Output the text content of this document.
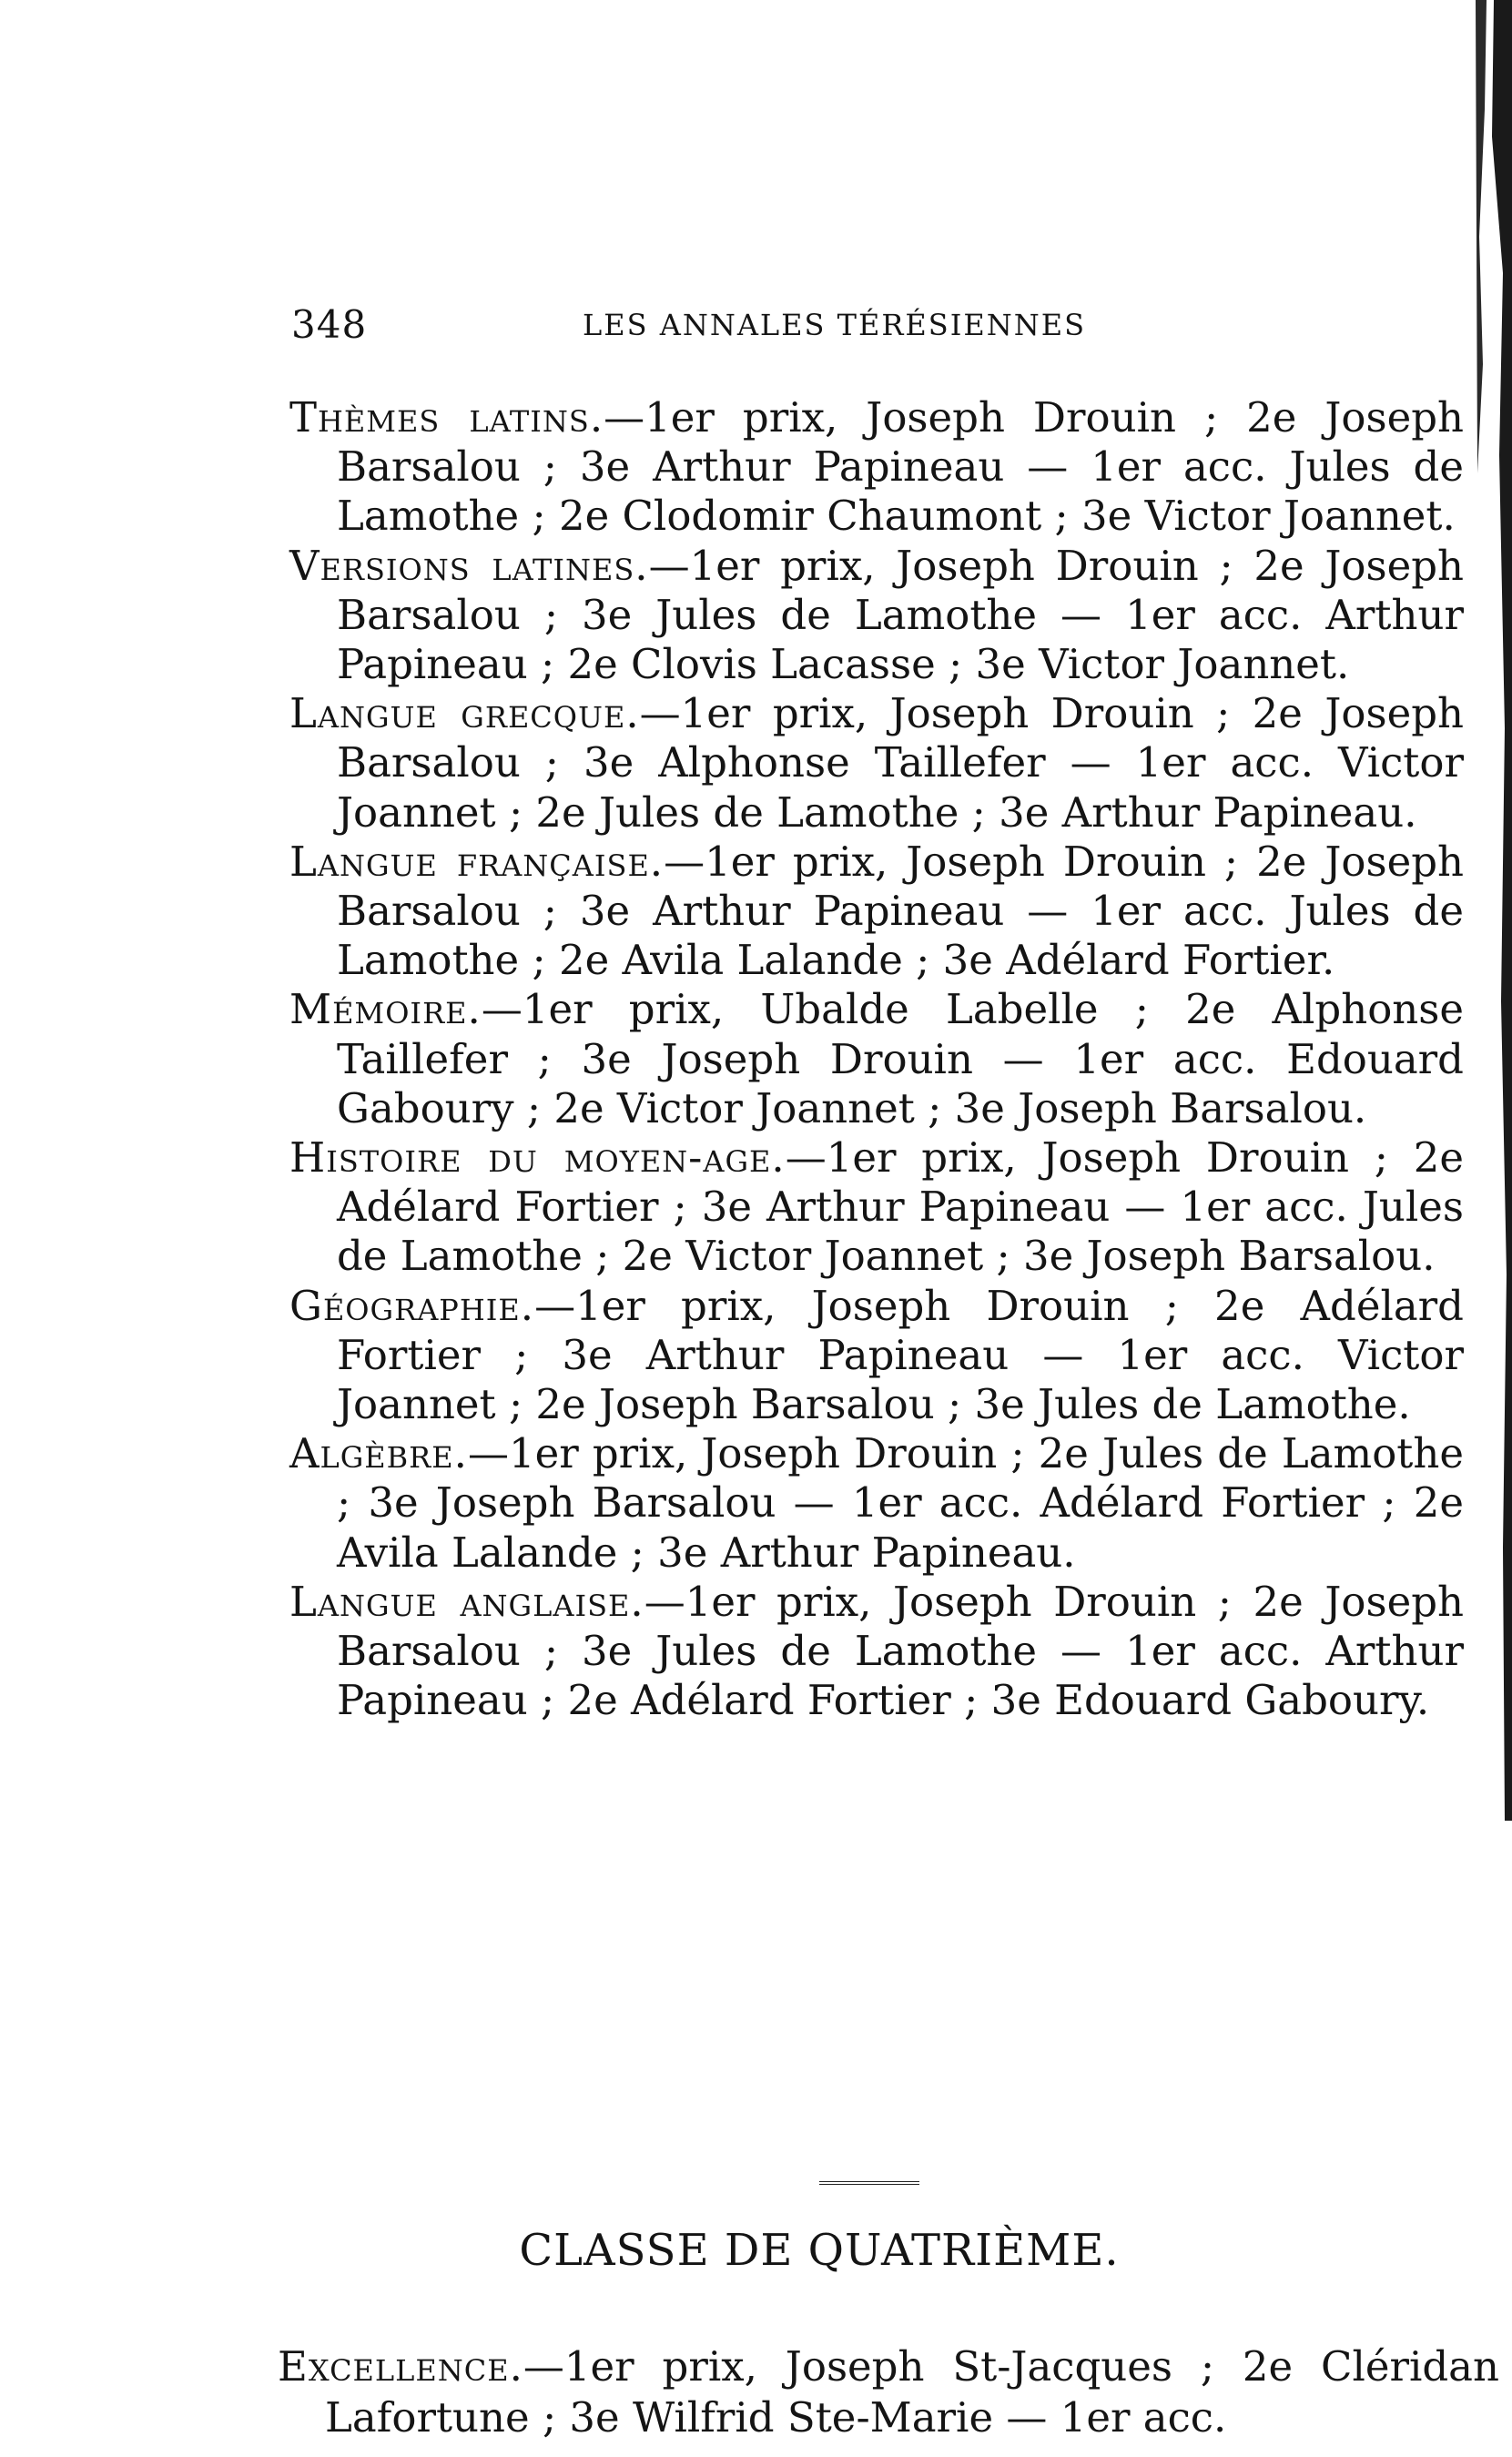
348	LES ANNALES TÉRÉSIENNES

Thèmes latins.—1er prix, Joseph Drouin ; 2e Joseph Barsalou ; 3e Arthur Papineau — 1er acc. Jules de Lamothe ; 2e Clodomir Chaumont ; 3e Victor Joannet.

Versions latines.—1er prix, Joseph Drouin ; 2e Joseph Barsalou ; 3e Jules de Lamothe — 1er acc. Arthur Papineau ; 2e Clovis Lacasse ; 3e Victor Joannet.

Langue grecque.—1er prix, Joseph Drouin ; 2e Joseph Barsalou ; 3e Alphonse Taillefer — 1er acc. Victor Joannet ; 2e Jules de Lamothe ; 3e Arthur Papineau.

Langue française.—1er prix, Joseph Drouin ; 2e Joseph Barsalou ; 3e Arthur Papineau — 1er acc. Jules de Lamothe ; 2e Avila Lalande ; 3e Adélard Fortier.

Mémoire.—1er prix, Ubalde Labelle ; 2e Alphonse Taillefer ; 3e Joseph Drouin — 1er acc. Edouard Gaboury ; 2e Victor Joannet ; 3e Joseph Barsalou.

Histoire du moyen-age.—1er prix, Joseph Drouin ; 2e Adélard Fortier ; 3e Arthur Papineau — 1er acc. Jules de Lamothe ; 2e Victor Joannet ; 3e Joseph Barsalou.

Géographie.—1er prix, Joseph Drouin ; 2e Adélard Fortier ; 3e Arthur Papineau — 1er acc. Victor Joannet ; 2e Joseph Barsalou ; 3e Jules de Lamothe.

Algèbre.—1er prix, Joseph Drouin ; 2e Jules de Lamothe ; 3e Joseph Barsalou — 1er acc. Adélard Fortier ; 2e Avila Lalande ; 3e Arthur Papineau.

Langue anglaise.—1er prix, Joseph Drouin ; 2e Joseph Barsalou ; 3e Jules de Lamothe — 1er acc. Arthur Papineau ; 2e Adélard Fortier ; 3e Edouard Gaboury.

CLASSE DE QUATRIÈME.

Excellence.—1er prix, Joseph St-Jacques ; 2e Cléridan Lafortune ; 3e Wilfrid Ste-Marie — 1er acc.
